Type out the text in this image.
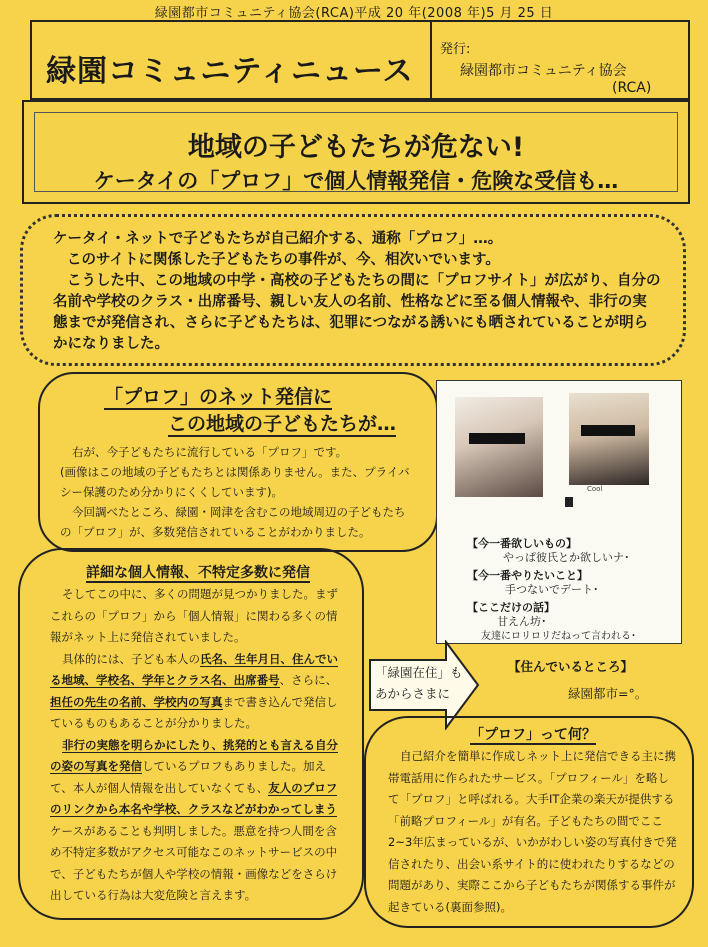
緑園都市コミュニティ協会(RCA)平成 20 年(2008 年)5 月 25 日
緑園コミュニティニュース
発行:
緑園都市コミュニティ協会
(RCA)
地域の子どもたちが危ない!
ケータイの「プロフ」で個人情報発信・危険な受信も…

ケータイ・ネットで子どもたちが自己紹介する、通称「プロフ」…。

このサイトに関係した子どもたちの事件が、今、相次いでいます。

こうした中、この地域の中学・高校の子どもたちの間に「プロフサイト」が広がり、自分の名前や学校のクラス・出席番号、親しい友人の名前、性格などに至る個人情報や、非行の実態までが発信され、さらに子どもたちは、犯罪につながる誘いにも晒されていることが明らかになりました。

「プロフ」のネット発信に
この地域の子どもたちが…

右が、今子どもたちに流行している「プロフ」です。

(画像はこの地域の子どもたちとは関係ありません。また、プライバシー保護のため分かりにくくしています)。

今回調べたところ、緑園・岡津を含むこの地域周辺の子どもたちの「プロフ」が、多数発信されていることがわかりました。

Cool
【今一番欲しいもの】
やっぱ彼氏とか欲しいナ･
【今一番やりたいこと】
手つないでデート･
【ここだけの話】
甘えん坊･
友達にロリロリだねって言われる･
「緑園在住」も
あからさまに
【住んでいるところ】
緑園都市=°。
詳細な個人情報、不特定多数に発信

そしてこの中に、多くの問題が見つかりました。まずこれらの「プロフ」から「個人情報」に関わる多くの情報がネット上に発信されていました。

具体的には、子ども本人の氏名、生年月日、住んでいる地域、学校名、学年とクラス名、出席番号、さらに、担任の先生の名前、学校内の写真まで書き込んで発信しているものもあることが分かりました。

非行の実態を明らかにしたり、挑発的とも言える自分の姿の写真を発信しているプロフもありました。加えて、本人が個人情報を出していなくても、友人のプロフのリンクから本名や学校、クラスなどがわかってしまうケースがあることも判明しました。悪意を持つ人間を含め不特定多数がアクセス可能なこのネットサービスの中で、子どもたちが個人や学校の情報・画像などをさらけ出している行為は大変危険と言えます。

「プロフ」って何？

自己紹介を簡単に作成しネット上に発信できる主に携帯電話用に作られたサービス。「プロフィール」を略して「プロフ」と呼ばれる。大手IT企業の楽天が提供する「前略プロフィール」が有名。子どもたちの間でここ2~3年広まっているが、いかがわしい姿の写真付きで発信されたり、出会い系サイト的に使われたりするなどの問題があり、実際ここから子どもたちが関係する事件が起きている(裏面参照)。
